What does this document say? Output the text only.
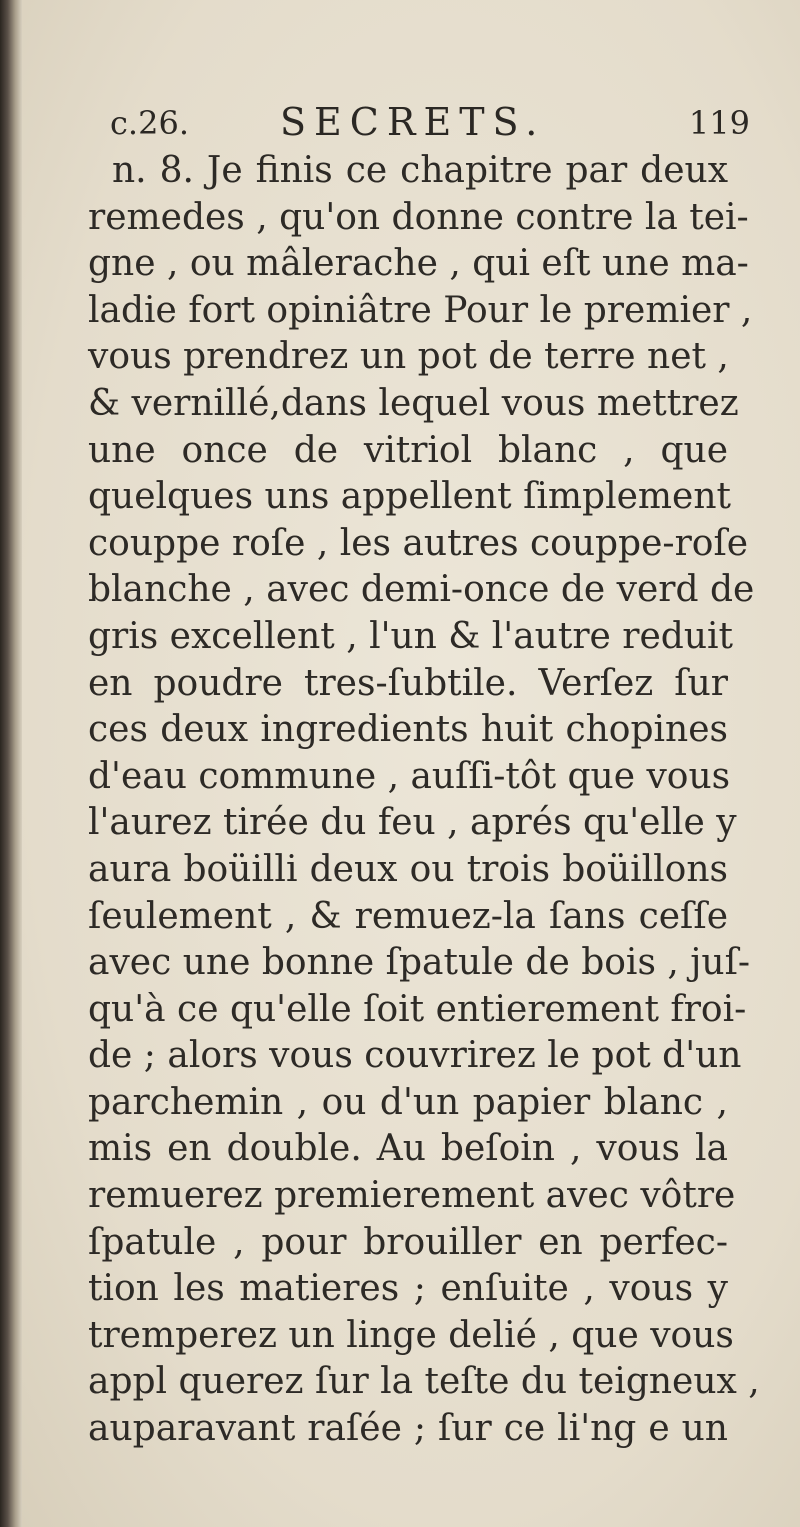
c.26. SECRETS.	119
n. 8. Je finis ce chapitre par deux
remedes , qu'on donne contre la tei-
gne , ou mâlerache , qui eſt une ma-
ladie fort opiniâtre Pour le premier ,
vous prendrez un pot de terre net ,
& vernillé,dans lequel vous mettrez
une once de vitriol blanc , que
quelques uns appellent ſimplement
couppe roſe , les autres couppe-roſe
blanche , avec demi-once de verd de
gris excellent , l'un & l'autre reduit
en poudre tres-ſubtile. Verſez ſur
ces deux ingredients huit chopines
d'eau commune , auſſi-tôt que vous
l'aurez tirée du feu , aprés qu'elle y
aura boüilli deux ou trois boüillons
ſeulement , & remuez-la ſans ceſſe
avec une bonne ſpatule de bois , juſ-
qu'à ce qu'elle ſoit entierement froi-
de ; alors vous couvrirez le pot d'un
parchemin , ou d'un papier blanc ,
mis en double. Au beſoin , vous la
remuerez premierement avec vôtre
ſpatule , pour brouiller en perfec-
tion les matieres ; enſuite , vous y
tremperez un linge delié , que vous
appl querez ſur la teſte du teigneux ,
auparavant raſée ; ſur ce li'ng e un
